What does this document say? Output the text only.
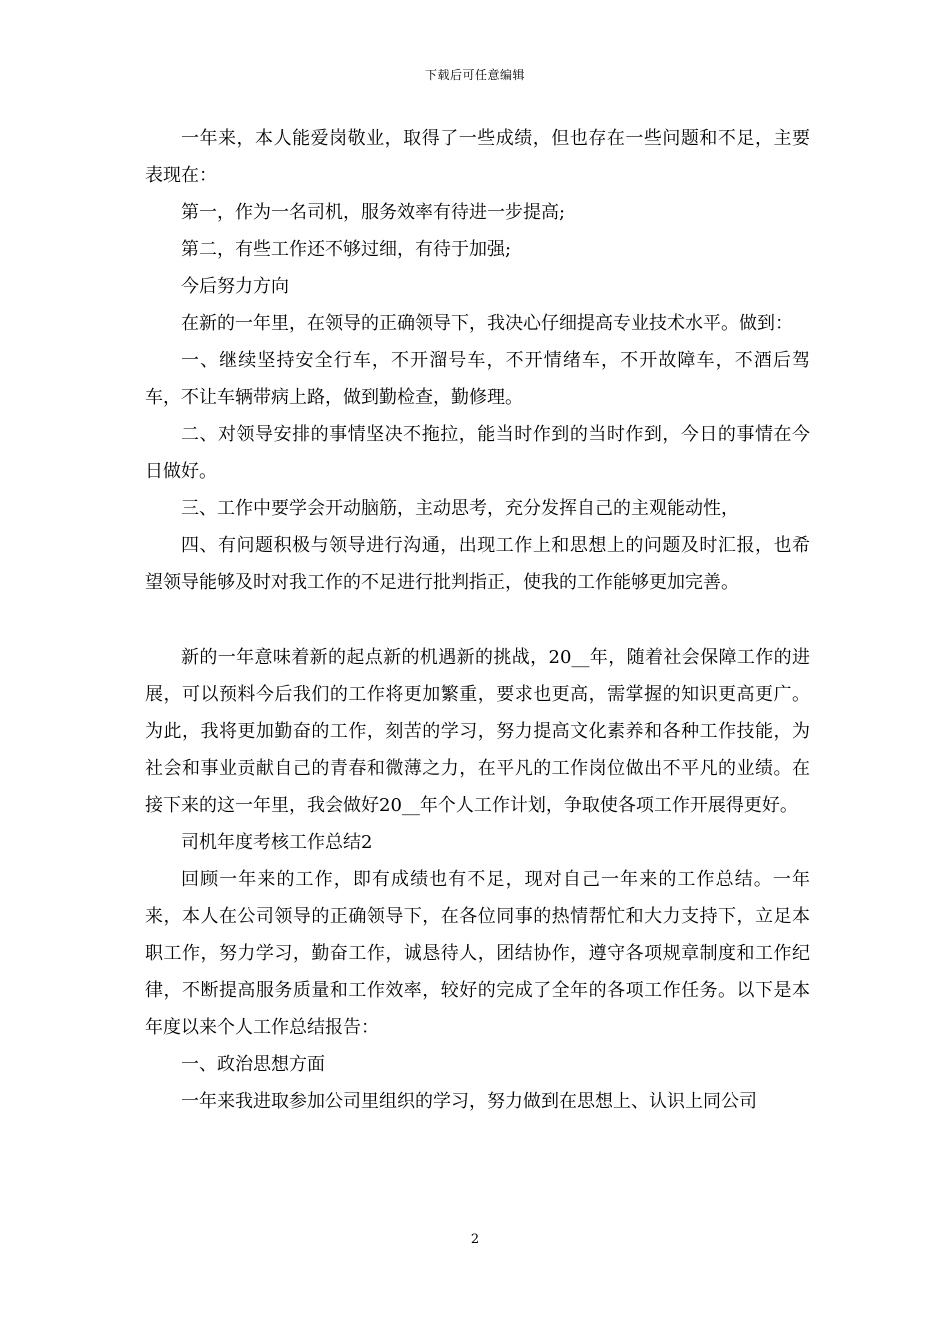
下载后可任意编辑

一年来，本人能爱岗敬业，取得了一些成绩，但也存在一些问题和不足，主要表现在：

第一，作为一名司机，服务效率有待进一步提高;

第二，有些工作还不够过细，有待于加强;

今后努力方向

在新的一年里，在领导的正确领导下，我决心仔细提高专业技术水平。做到：

一、继续坚持安全行车，不开溜号车，不开情绪车，不开故障车，不酒后驾车，不让车辆带病上路，做到勤检查，勤修理。

二、对领导安排的事情坚决不拖拉，能当时作到的当时作到，今日的事情在今日做好。

三、工作中要学会开动脑筋，主动思考，充分发挥自己的主观能动性，

四、有问题积极与领导进行沟通，出现工作上和思想上的问题及时汇报，也希望领导能够及时对我工作的不足进行批判指正，使我的工作能够更加完善。

新的一年意味着新的起点新的机遇新的挑战，20__年，随着社会保障工作的进展，可以预料今后我们的工作将更加繁重，要求也更高，需掌握的知识更高更广。为此，我将更加勤奋的工作，刻苦的学习，努力提高文化素养和各种工作技能，为社会和事业贡献自己的青春和微薄之力，在平凡的工作岗位做出不平凡的业绩。在接下来的这一年里，我会做好20__年个人工作计划，争取使各项工作开展得更好。

司机年度考核工作总结2

回顾一年来的工作，即有成绩也有不足，现对自己一年来的工作总结。一年来，本人在公司领导的正确领导下，在各位同事的热情帮忙和大力支持下，立足本职工作，努力学习，勤奋工作，诚恳待人，团结协作，遵守各项规章制度和工作纪律，不断提高服务质量和工作效率，较好的完成了全年的各项工作任务。以下是本年度以来个人工作总结报告：

一、政治思想方面

一年来我进取参加公司里组织的学习，努力做到在思想上、认识上同公司

2
